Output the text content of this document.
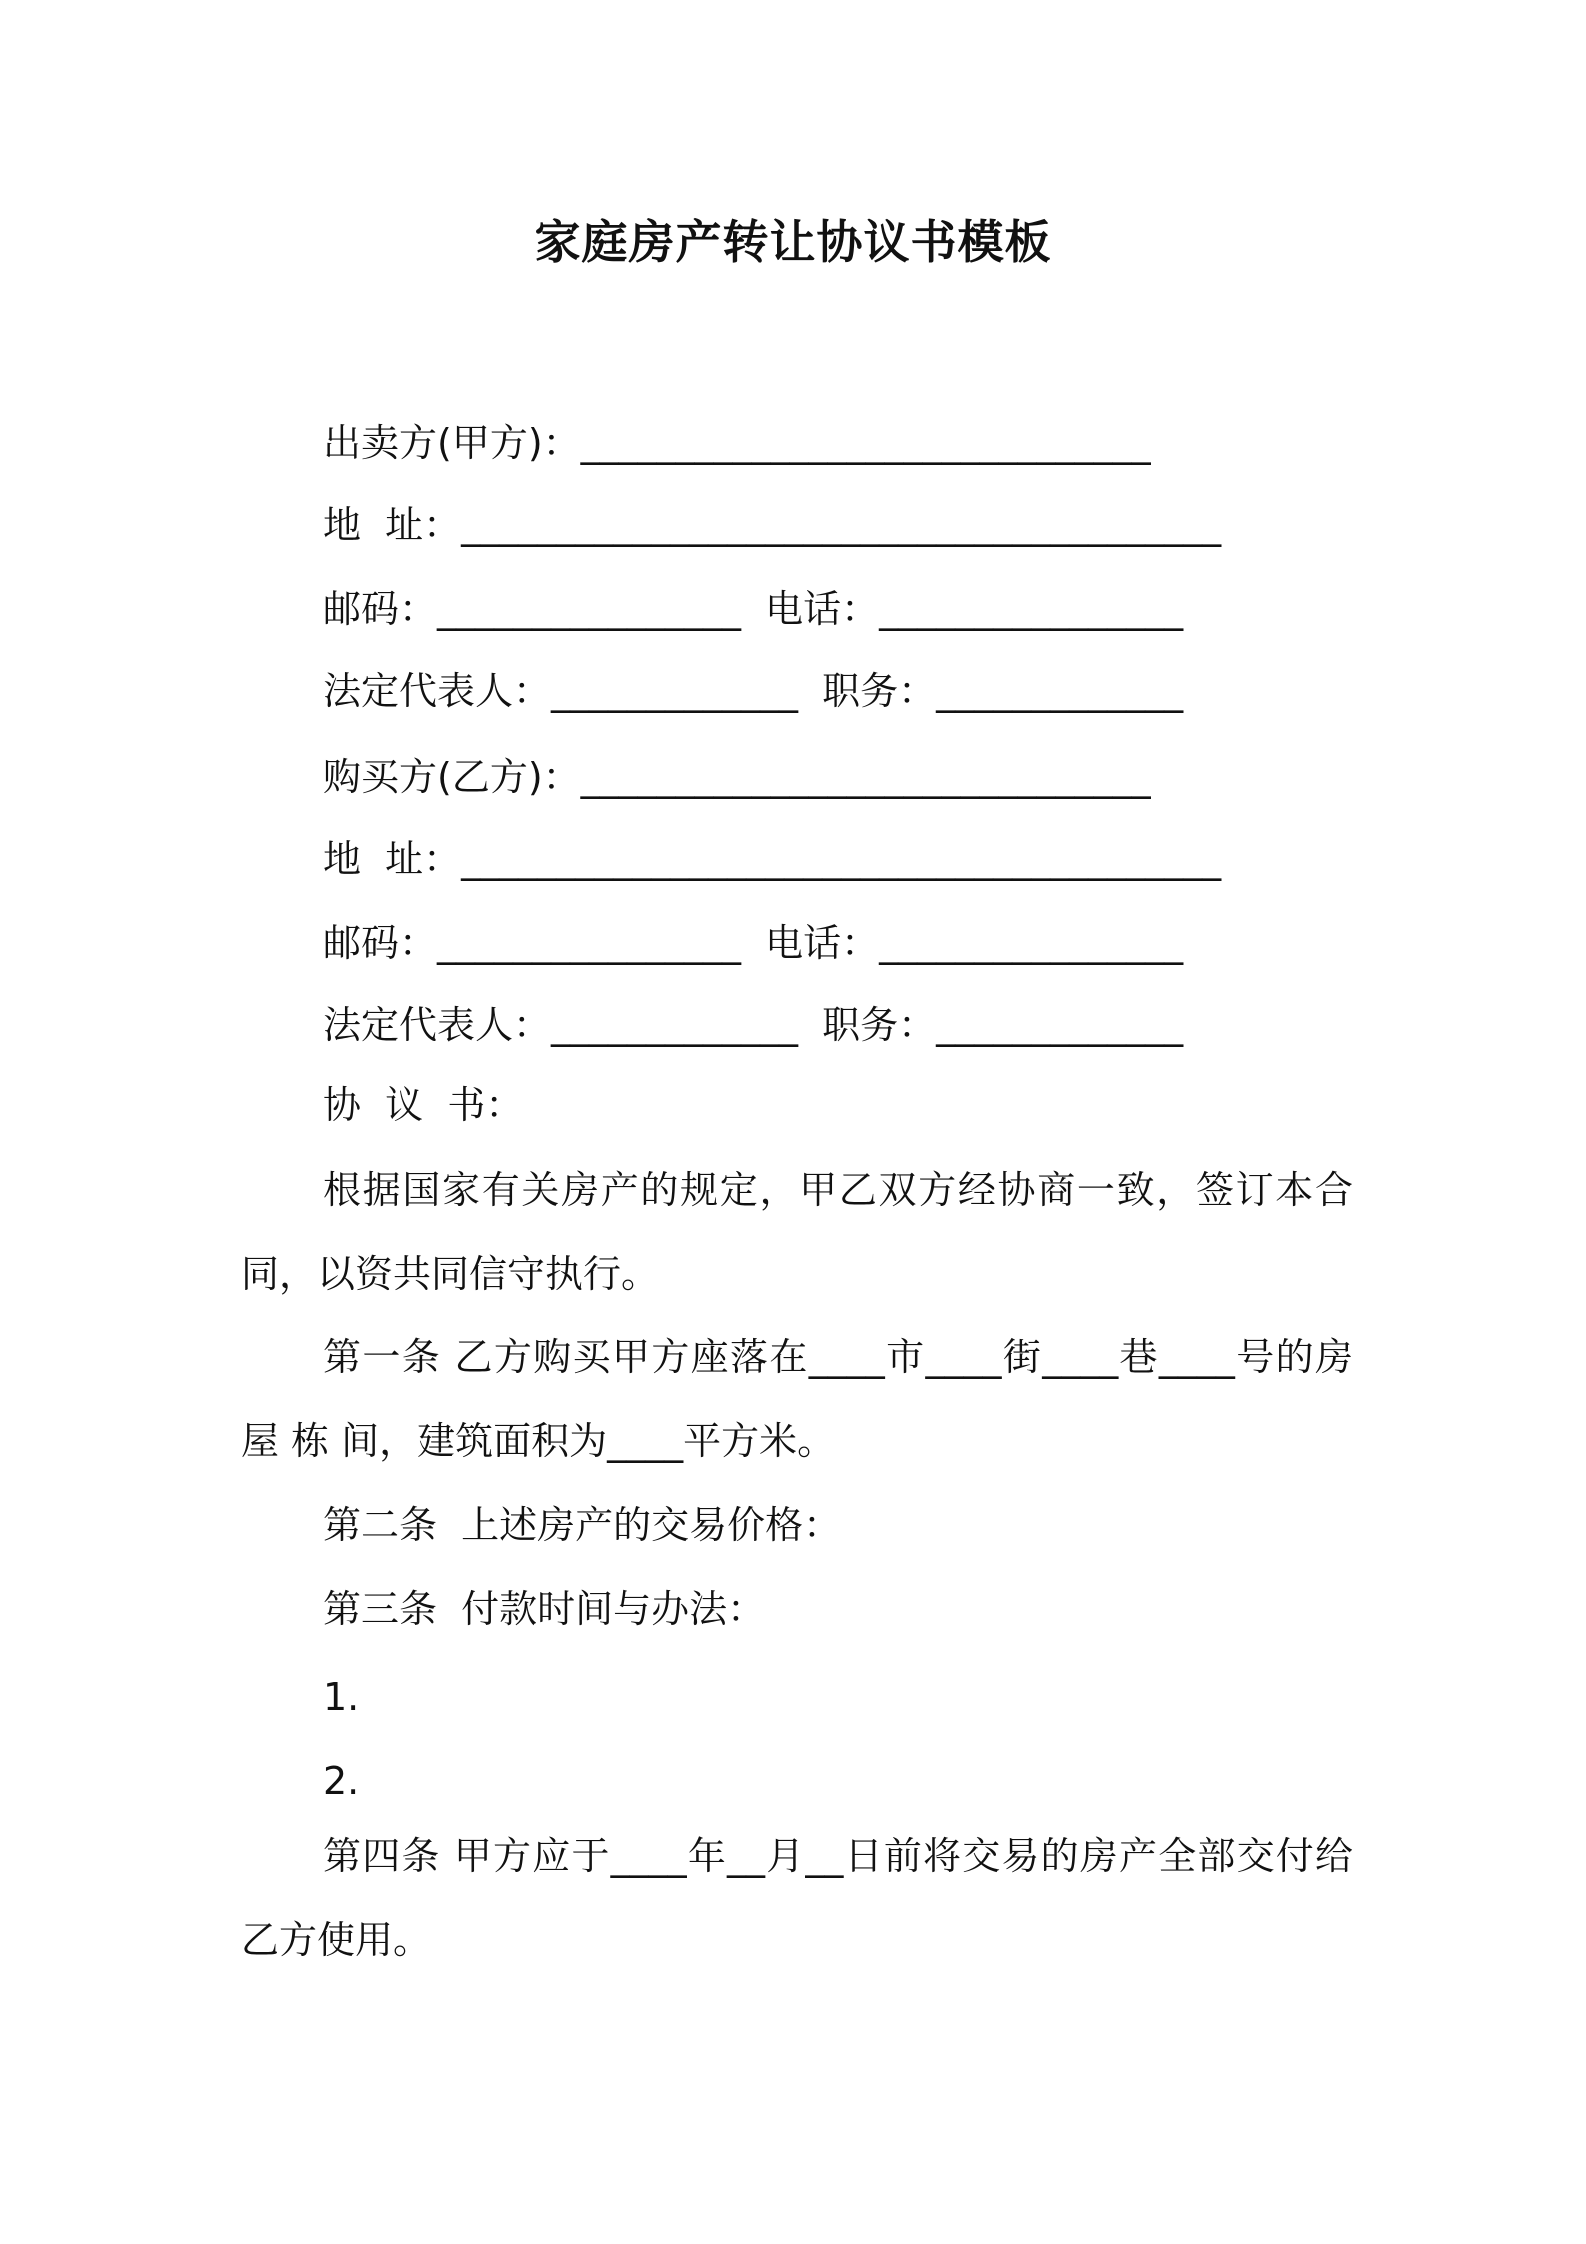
家庭房产转让协议书模板
出卖方(甲方)：______________________________
地  址：________________________________________
邮码：________________  电话：________________
法定代表人：_____________  职务：_____________
购买方(乙方)：______________________________
地  址：________________________________________
邮码：________________  电话：________________
法定代表人：_____________  职务：_____________
协  议  书：
根据国家有关房产的规定，甲乙双方经协商一致，签订本合同，以资共同信守执行。
第一条 乙方购买甲方座落在____市____街____巷____号的房屋 栋 间，建筑面积为____平方米。
第二条  上述房产的交易价格：
第三条  付款时间与办法：
1.
2.
第四条 甲方应于____年__月__日前将交易的房产全部交付给乙方使用。
